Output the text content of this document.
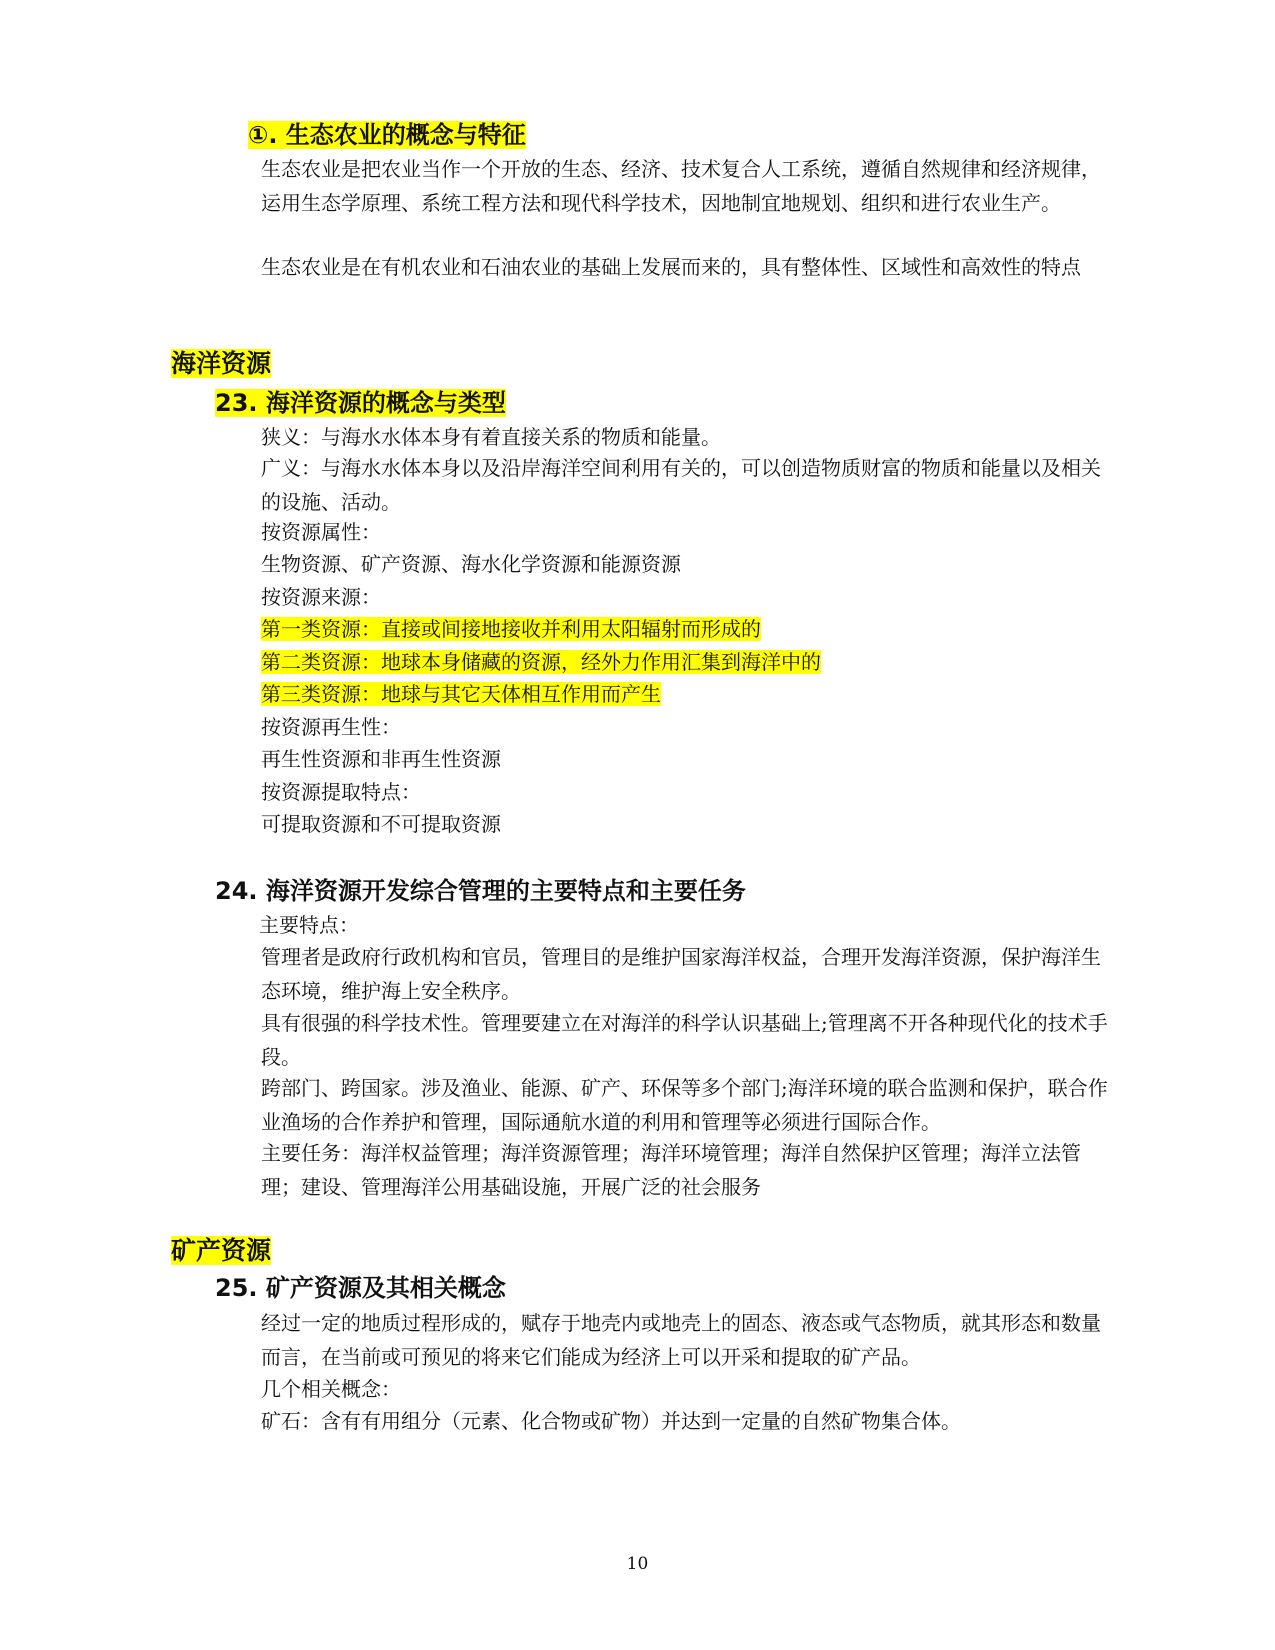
①. 生态农业的概念与特征

生态农业是把农业当作一个开放的生态、经济、技术复合人工系统，遵循自然规律和经济规律，运用生态学原理、系统工程方法和现代科学技术，因地制宜地规划、组织和进行农业生产。

生态农业是在有机农业和石油农业的基础上发展而来的，具有整体性、区域性和高效性的特点

海洋资源
23. 海洋资源的概念与类型
狭义：与海水水体本身有着直接关系的物质和能量。

广义：与海水水体本身以及沿岸海洋空间利用有关的，可以创造物质财富的物质和能量以及相关的设施、活动。

按资源属性：
生物资源、矿产资源、海水化学资源和能源资源
按资源来源：
第一类资源：直接或间接地接收并利用太阳辐射而形成的
第二类资源：地球本身储藏的资源，经外力作用汇集到海洋中的
第三类资源：地球与其它天体相互作用而产生
按资源再生性：
再生性资源和非再生性资源
按资源提取特点：
可提取资源和不可提取资源
24. 海洋资源开发综合管理的主要特点和主要任务
主要特点：

管理者是政府行政机构和官员，管理目的是维护国家海洋权益，合理开发海洋资源，保护海洋生态环境，维护海上安全秩序。

具有很强的科学技术性。管理要建立在对海洋的科学认识基础上;管理离不开各种现代化的技术手段。

跨部门、跨国家。涉及渔业、能源、矿产、环保等多个部门;海洋环境的联合监测和保护，联合作业渔场的合作养护和管理，国际通航水道的利用和管理等必须进行国际合作。

主要任务：海洋权益管理；海洋资源管理；海洋环境管理；海洋自然保护区管理；海洋立法管理；建设、管理海洋公用基础设施，开展广泛的社会服务

矿产资源
25. 矿产资源及其相关概念

经过一定的地质过程形成的，赋存于地壳内或地壳上的固态、液态或气态物质，就其形态和数量而言，在当前或可预见的将来它们能成为经济上可以开采和提取的矿产品。

几个相关概念：
矿石：含有有用组分（元素、化合物或矿物）并达到一定量的自然矿物集合体。
10
